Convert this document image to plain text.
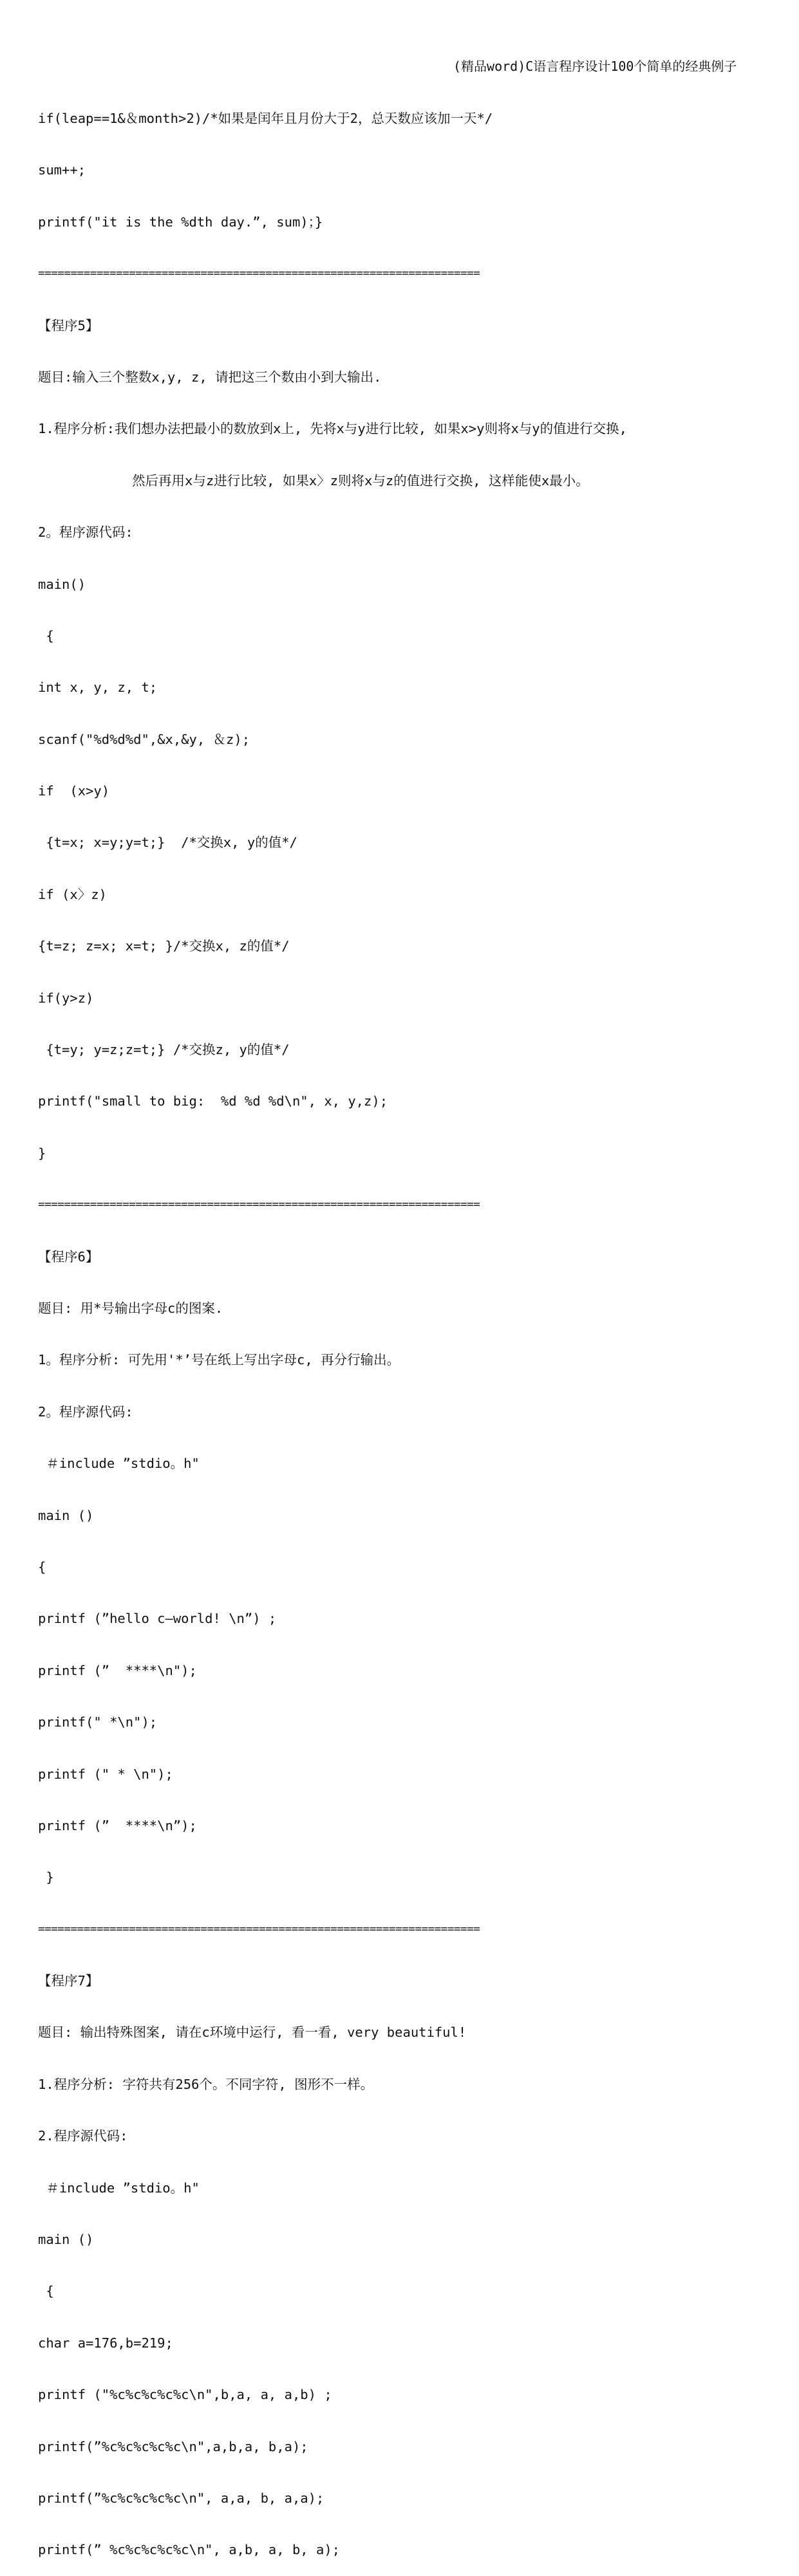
(精品word)C语言程序设计100个简单的经典例子

if(leap==1&＆month>2)/*如果是闰年且月份大于2，总天数应该加一天*/

sum++;

printf("it is the %dth day.”, sum)；}

====================================================================

【程序5】

题目:输入三个整数x,y, z, 请把这三个数由小到大输出.

1.程序分析:我们想办法把最小的数放到x上, 先将x与y进行比较, 如果x>y则将x与y的值进行交换,

然后再用x与z进行比较, 如果x〉z则将x与z的值进行交换, 这样能使x最小。

2。程序源代码:

main()

{

int x, y, z, t;

scanf("%d%d%d",&x,&y, ＆z);

if  (x>y)

{t=x; x=y;y=t;}  /*交换x, y的值*/

if (x〉z)

{t=z; z=x; x=t; }/*交换x, z的值*/

if(y>z)

{t=y; y=z;z=t;} /*交换z, y的值*/

printf("small to big:  %d %d %d\n", x, y,z);

}

====================================================================

【程序6】

题目: 用*号输出字母c的图案.

1。程序分析: 可先用'*’号在纸上写出字母c, 再分行输出。

2。程序源代码:

＃include ”stdio。h"

main ()

{

printf (”hello c—world! \n”) ;

printf (”  ****\n");

printf(" *\n");

printf (" * \n");

printf (”  ****\n”);

}

====================================================================

【程序7】

题目: 输出特殊图案, 请在c环境中运行, 看一看, very beautiful!

1.程序分析: 字符共有256个。不同字符, 图形不一样。

2.程序源代码:

＃include ”stdio。h"

main ()

{

char a=176,b=219;

printf ("%c%c%c%c%c\n",b,a, a, a,b) ;

printf(”%c%c%c%c%c\n",a,b,a, b,a);

printf(”%c%c%c%c%c\n", a,a, b, a,a);

printf(” %c%c%c%c%c\n", a,b, a, b, a);
